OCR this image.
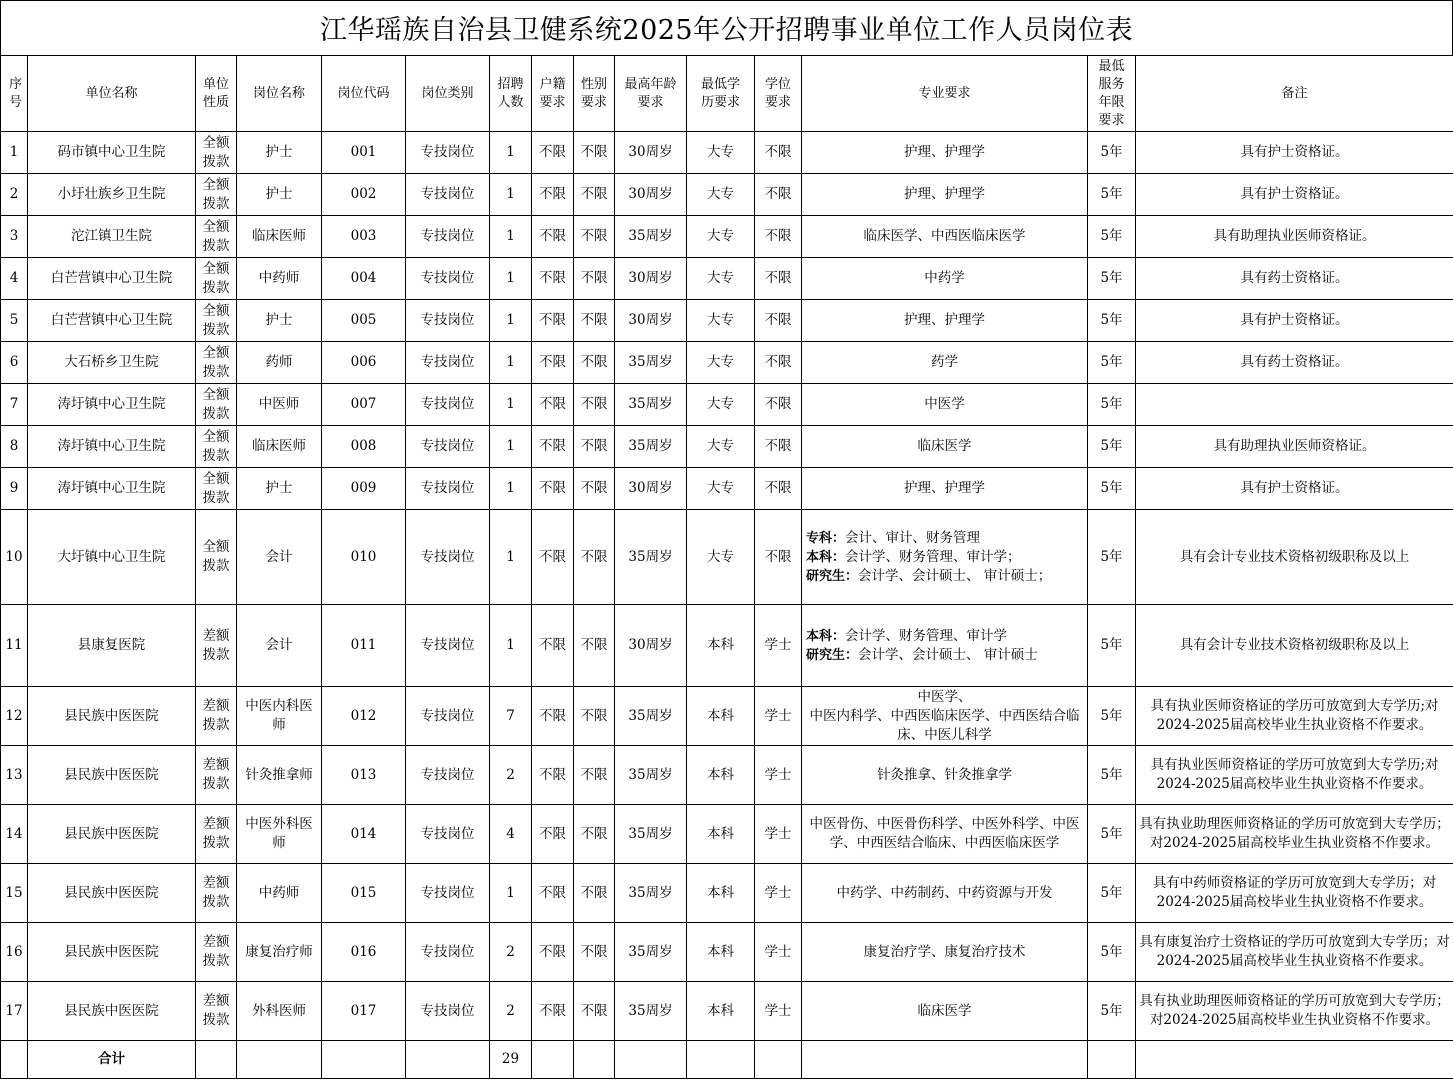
江华瑶族自治县卫健系统2025年公开招聘事业单位工作人员岗位表
序号	单位名称	单位性质	岗位名称	岗位代码	岗位类别	招聘人数	户籍要求	性别要求	最高年龄要求	最低学历要求	学位要求	专业要求	最低服务年限要求	备注
1	码市镇中心卫生院	全额拨款	护士	001	专技岗位	1	不限	不限	30周岁	大专	不限	护理、护理学	5年	具有护士资格证。
2	小圩壮族乡卫生院	全额拨款	护士	002	专技岗位	1	不限	不限	30周岁	大专	不限	护理、护理学	5年	具有护士资格证。
3	沱江镇卫生院	全额拨款	临床医师	003	专技岗位	1	不限	不限	35周岁	大专	不限	临床医学、中西医临床医学	5年	具有助理执业医师资格证。
4	白芒营镇中心卫生院	全额拨款	中药师	004	专技岗位	1	不限	不限	30周岁	大专	不限	中药学	5年	具有药士资格证。
5	白芒营镇中心卫生院	全额拨款	护士	005	专技岗位	1	不限	不限	30周岁	大专	不限	护理、护理学	5年	具有护士资格证。
6	大石桥乡卫生院	全额拨款	药师	006	专技岗位	1	不限	不限	35周岁	大专	不限	药学	5年	具有药士资格证。
7	涛圩镇中心卫生院	全额拨款	中医师	007	专技岗位	1	不限	不限	35周岁	大专	不限	中医学	5年	
8	涛圩镇中心卫生院	全额拨款	临床医师	008	专技岗位	1	不限	不限	35周岁	大专	不限	临床医学	5年	具有助理执业医师资格证。
9	涛圩镇中心卫生院	全额拨款	护士	009	专技岗位	1	不限	不限	30周岁	大专	不限	护理、护理学	5年	具有护士资格证。
10	大圩镇中心卫生院	全额拨款	会计	010	专技岗位	1	不限	不限	35周岁	大专	不限	专科：会计、审计、财务管理
本科：会计学、财务管理、审计学；
研究生：会计学、会计硕士、 审计硕士；	5年	具有会计专业技术资格初级职称及以上
11	县康复医院	差额拨款	会计	011	专技岗位	1	不限	不限	30周岁	本科	学士	本科：会计学、财务管理、审计学
研究生：会计学、会计硕士、 审计硕士	5年	具有会计专业技术资格初级职称及以上
12	县民族中医医院	差额拨款	中医内科医师	012	专技岗位	7	不限	不限	35周岁	本科	学士	中医学、
中医内科学、中西医临床医学、中西医结合临床、中医儿科学	5年	具有执业医师资格证的学历可放宽到大专学历;对2024-2025届高校毕业生执业资格不作要求。
13	县民族中医医院	差额拨款	针灸推拿师	013	专技岗位	2	不限	不限	35周岁	本科	学士	针灸推拿、针灸推拿学	5年	具有执业医师资格证的学历可放宽到大专学历;对2024-2025届高校毕业生执业资格不作要求。
14	县民族中医医院	差额拨款	中医外科医师	014	专技岗位	4	不限	不限	35周岁	本科	学士	中医骨伤、中医骨伤科学、中医外科学、中医学、中西医结合临床、中西医临床医学	5年	具有执业助理医师资格证的学历可放宽到大专学历；对2024-2025届高校毕业生执业资格不作要求。
15	县民族中医医院	差额拨款	中药师	015	专技岗位	1	不限	不限	35周岁	本科	学士	中药学、中药制药、中药资源与开发	5年	具有中药师资格证的学历可放宽到大专学历；对2024-2025届高校毕业生执业资格不作要求。
16	县民族中医医院	差额拨款	康复治疗师	016	专技岗位	2	不限	不限	35周岁	本科	学士	康复治疗学、康复治疗技术	5年	具有康复治疗士资格证的学历可放宽到大专学历；对2024-2025届高校毕业生执业资格不作要求。
17	县民族中医医院	差额拨款	外科医师	017	专技岗位	2	不限	不限	35周岁	本科	学士	临床医学	5年	具有执业助理医师资格证的学历可放宽到大专学历；对2024-2025届高校毕业生执业资格不作要求。
	合计					29								
